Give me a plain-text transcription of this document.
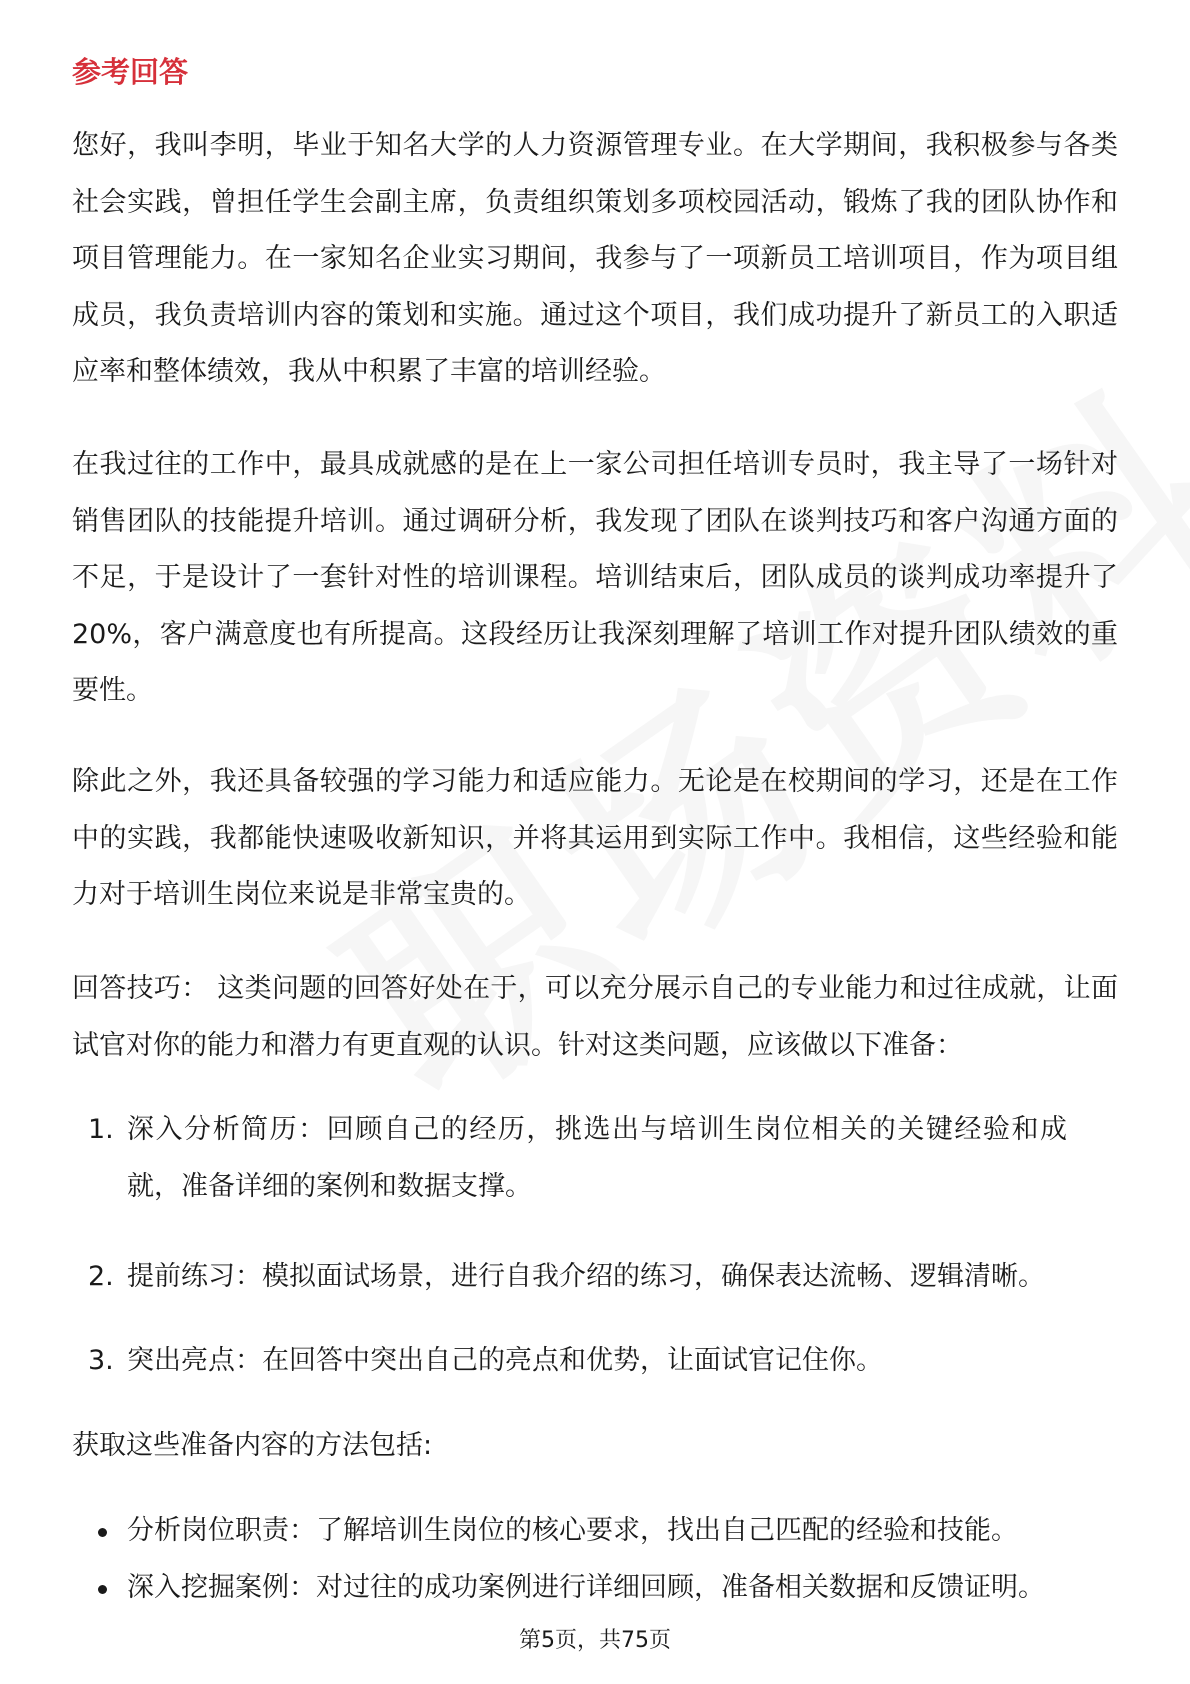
参考回答

您好，我叫李明，毕业于知名大学的人力资源管理专业。在大学期间，我积极参与各类社会实践，曾担任学生会副主席，负责组织策划多项校园活动，锻炼了我的团队协作和项目管理能力。在一家知名企业实习期间，我参与了一项新员工培训项目，作为项目组成员，我负责培训内容的策划和实施。通过这个项目，我们成功提升了新员工的入职适应率和整体绩效，我从中积累了丰富的培训经验。

在我过往的工作中，最具成就感的是在上一家公司担任培训专员时，我主导了一场针对销售团队的技能提升培训。通过调研分析，我发现了团队在谈判技巧和客户沟通方面的不足，于是设计了一套针对性的培训课程。培训结束后，团队成员的谈判成功率提升了20%，客户满意度也有所提高。这段经历让我深刻理解了培训工作对提升团队绩效的重要性。

除此之外，我还具备较强的学习能力和适应能力。无论是在校期间的学习，还是在工作中的实践，我都能快速吸收新知识，并将其运用到实际工作中。我相信，这些经验和能力对于培训生岗位来说是非常宝贵的。

回答技巧： 这类问题的回答好处在于，可以充分展示自己的专业能力和过往成就，让面试官对你的能力和潜力有更直观的认识。针对这类问题，应该做以下准备：

1. 深入分析简历：回顾自己的经历，挑选出与培训生岗位相关的关键经验和成就，准备详细的案例和数据支撑。
2. 提前练习：模拟面试场景，进行自我介绍的练习，确保表达流畅、逻辑清晰。
3. 突出亮点：在回答中突出自己的亮点和优势，让面试官记住你。

获取这些准备内容的方法包括:

分析岗位职责：了解培训生岗位的核心要求，找出自己匹配的经验和技能。
深入挖掘案例：对过往的成功案例进行详细回顾，准备相关数据和反馈证明。
第5页，共75页
